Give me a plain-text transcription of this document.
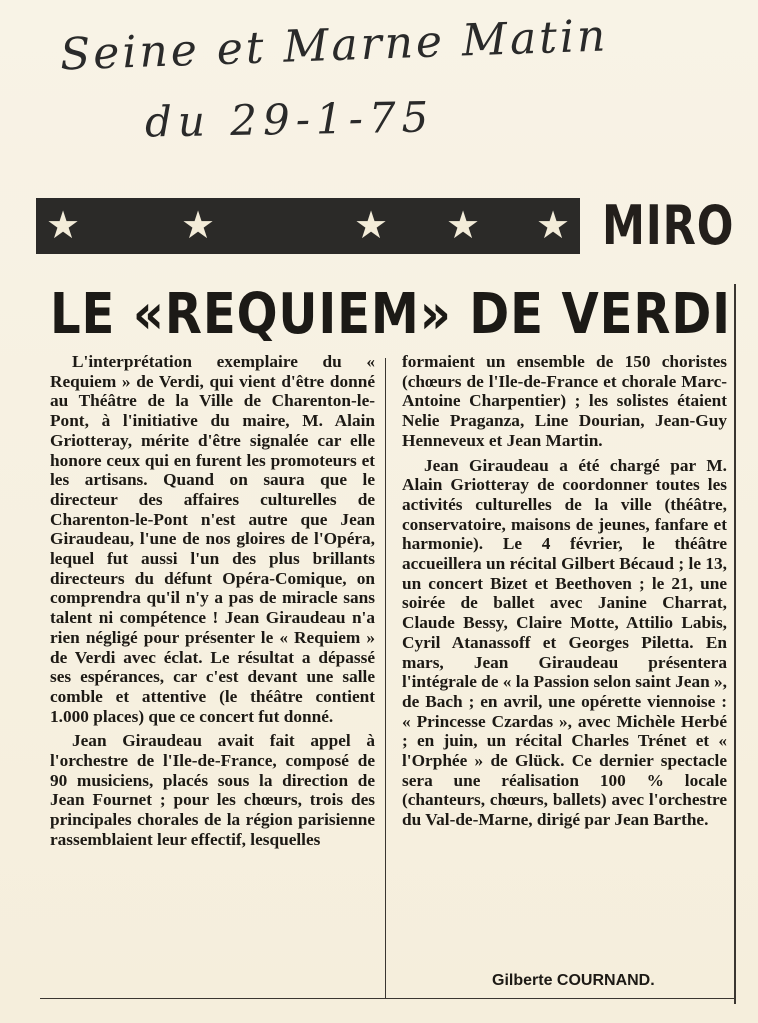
Seine et Marne Matin
du 29-1-75
★	★	★ ★ ★ MIRO
LE «REQUIEM» DE VERDI

L'interprétation exemplaire du « Requiem » de Verdi, qui vient d'être donné au Théâtre de la Ville de Charenton-le-Pont, à l'initiative du maire, M. Alain Griotteray, mérite d'être signalée car elle honore ceux qui en furent les promoteurs et les artisans. Quand on saura que le directeur des affaires culturelles de Charenton-le-Pont n'est autre que Jean Giraudeau, l'une de nos gloires de l'Opéra, lequel fut aussi l'un des plus brillants directeurs du défunt Opéra-Comique, on comprendra qu'il n'y a pas de miracle sans talent ni compétence ! Jean Giraudeau n'a rien négligé pour présenter le « Requiem » de Verdi avec éclat. Le résultat a dépassé ses espérances, car c'est devant une salle comble et attentive (le théâtre contient 1.000 places) que ce concert fut donné.

Jean Giraudeau avait fait appel à l'orchestre de l'Ile-de-France, composé de 90 musiciens, placés sous la direction de Jean Fournet ; pour les chœurs, trois des principales chorales de la région parisienne rassemblaient leur effectif, lesquelles

formaient un ensemble de 150 choristes (chœurs de l'Ile-de-France et chorale Marc-Antoine Charpentier) ; les solistes étaient Nelie Praganza, Line Dourian, Jean-Guy Henneveux et Jean Martin.

Jean Giraudeau a été chargé par M. Alain Griotteray de coordonner toutes les activités culturelles de la ville (théâtre, conservatoire, maisons de jeunes, fanfare et harmonie). Le 4 février, le théâtre accueillera un récital Gilbert Bécaud ; le 13, un concert Bizet et Beethoven ; le 21, une soirée de ballet avec Janine Charrat, Claude Bessy, Claire Motte, Attilio Labis, Cyril Atanassoff et Georges Piletta. En mars, Jean Giraudeau présentera l'intégrale de « la Passion selon saint Jean », de Bach ; en avril, une opérette viennoise : « Princesse Czardas », avec Michèle Herbé ; en juin, un récital Charles Trénet et « l'Orphée » de Glück. Ce dernier spectacle sera une réalisation 100 % locale (chanteurs, chœurs, ballets) avec l'orchestre du Val-de-Marne, dirigé par Jean Barthe.

Gilberte COURNAND.
